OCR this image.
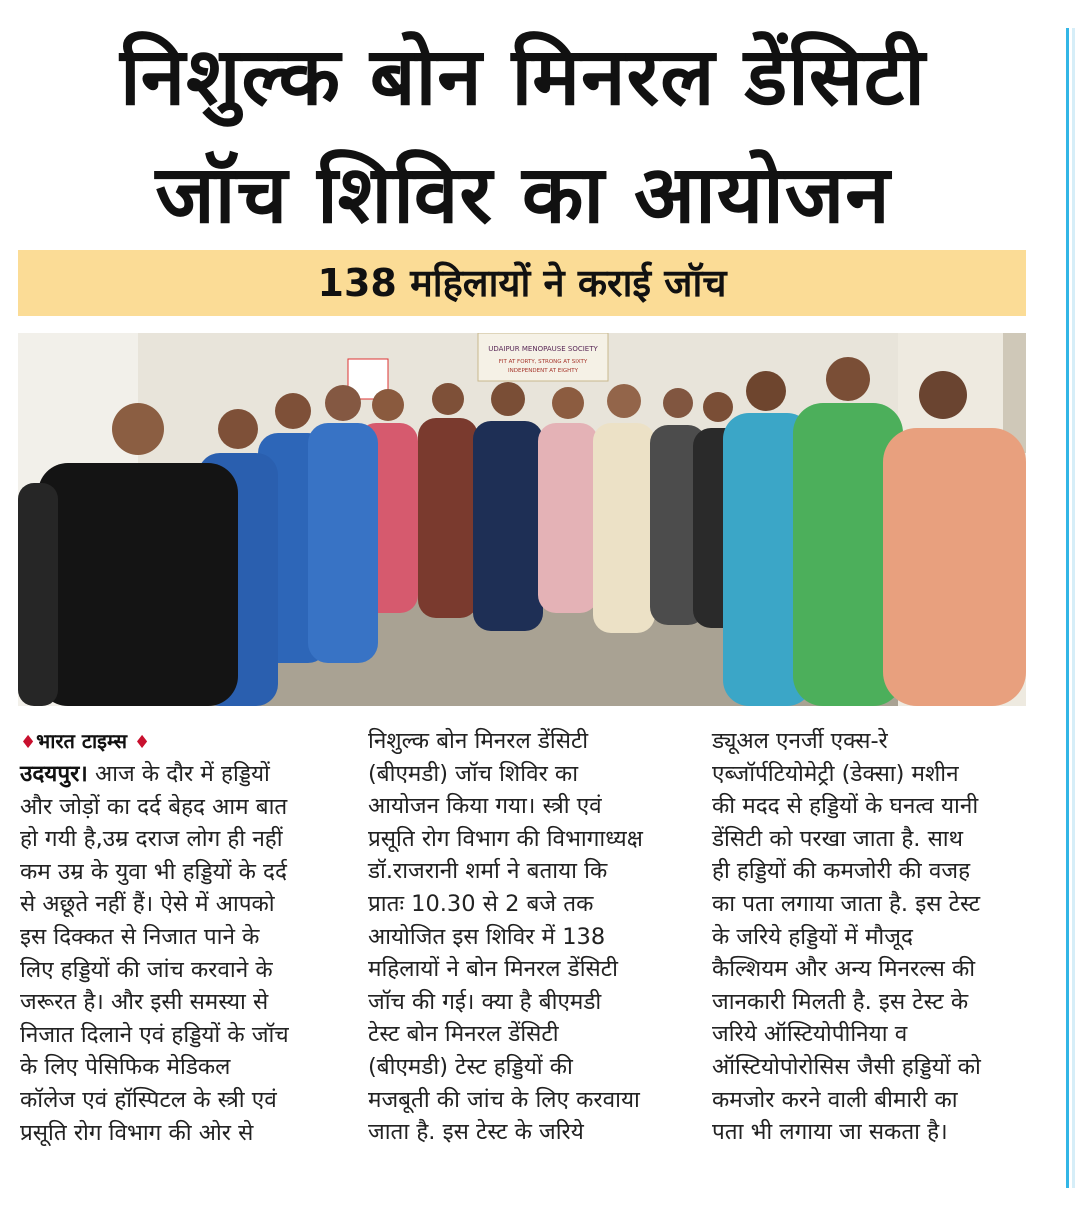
निशुल्क बोन मिनरल डेंसिटी
जॉच शिविर का आयोजन
138 महिलायों ने कराई जॉच
UDAIPUR MENOPAUSE SOCIETY
FIT AT FORTY, STRONG AT SIXTY
INDEPENDENT AT EIGHTY
♦भारत टाइम्स ♦
उदयपुर। आज के दौर में हड्डियों
और जोड़ों का दर्द बेहद आम बात
हो गयी है,उम्र दराज लोग ही नहीं
कम उम्र के युवा भी हड्डियों के दर्द
से अछूते नहीं हैं। ऐसे में आपको
इस दिक्कत से निजात पाने के
लिए हड्डियों की जांच करवाने के
जरूरत है। और इसी समस्या से
निजात दिलाने एवं हड्डियों के जॉच
के लिए पेसिफिक मेडिकल
कॉलेज एवं हॉस्पिटल के स्त्री एवं
प्रसूति रोग विभाग की ओर से
निशुल्क बोन मिनरल डेंसिटी
(बीएमडी) जॉच शिविर का
आयोजन किया गया। स्त्री एवं
प्रसूति रोग विभाग की विभागाध्यक्ष
डॉ.राजरानी शर्मा ने बताया कि
प्रातः 10.30 से 2 बजे तक
आयोजित इस शिविर में 138
महिलायों ने बोन मिनरल डेंसिटी
जॉच की गई। क्या है बीएमडी
टेस्ट बोन मिनरल डेंसिटी
(बीएमडी) टेस्ट हड्डियों की
मजबूती की जांच के लिए करवाया
जाता है. इस टेस्ट के जरिये
ड्यूअल एनर्जी एक्स-रे
एब्जॉर्पटियोमेट्री (डेक्सा) मशीन
की मदद से हड्डियों के घनत्व यानी
डेंसिटी को परखा जाता है. साथ
ही हड्डियों की कमजोरी की वजह
का पता लगाया जाता है. इस टेस्ट
के जरिये हड्डियों में मौजूद
कैल्शियम और अन्य मिनरल्स की
जानकारी मिलती है. इस टेस्ट के
जरिये ऑस्टियोपीनिया व
ऑस्टियोपोरोसिस जैसी हड्डियों को
कमजोर करने वाली बीमारी का
पता भी लगाया जा सकता है।
